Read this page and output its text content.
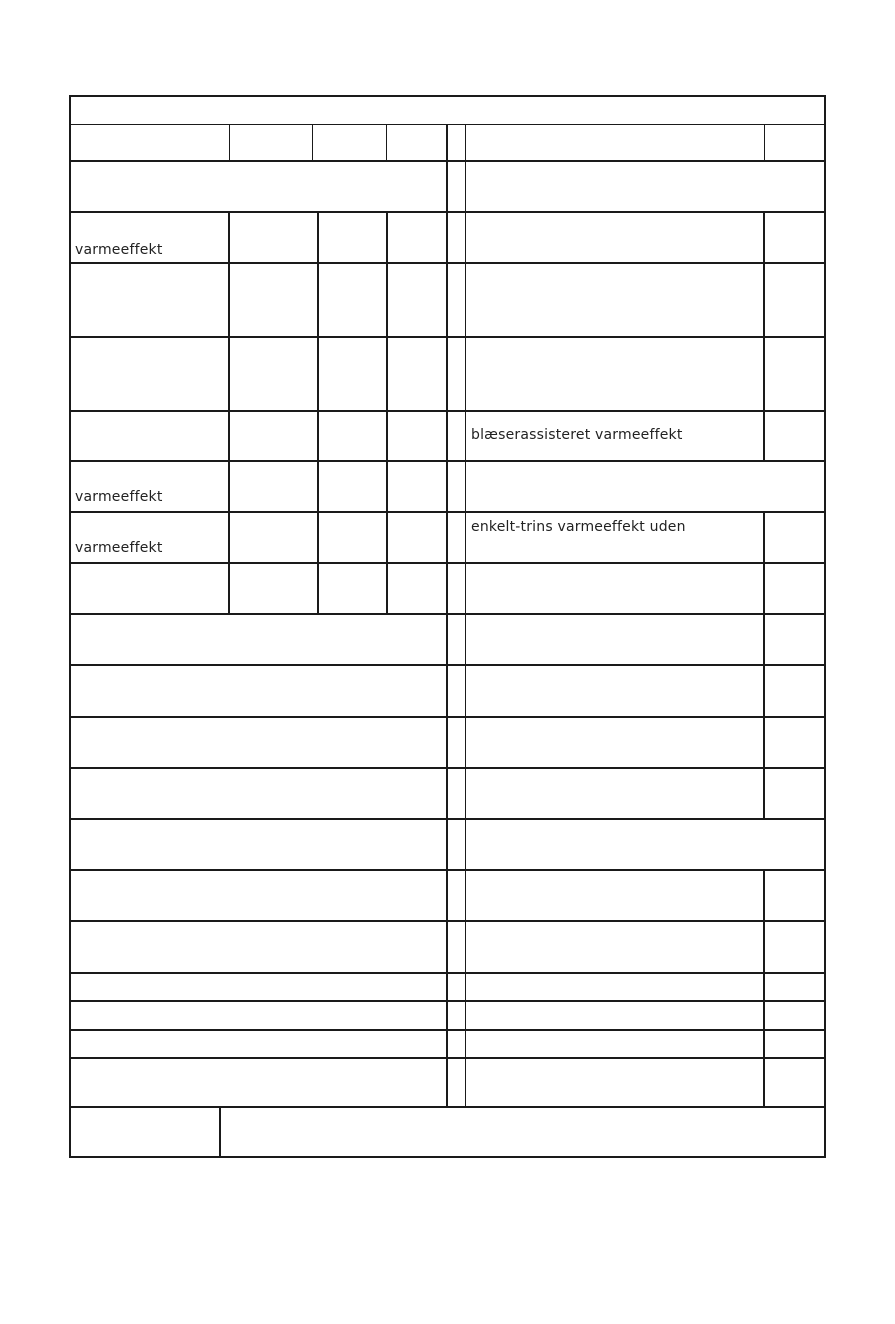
varmeeffekt
blæserassisteret varmeeffekt
varmeeffekt
enkelt-trins varmeeffekt uden
varmeeffekt
